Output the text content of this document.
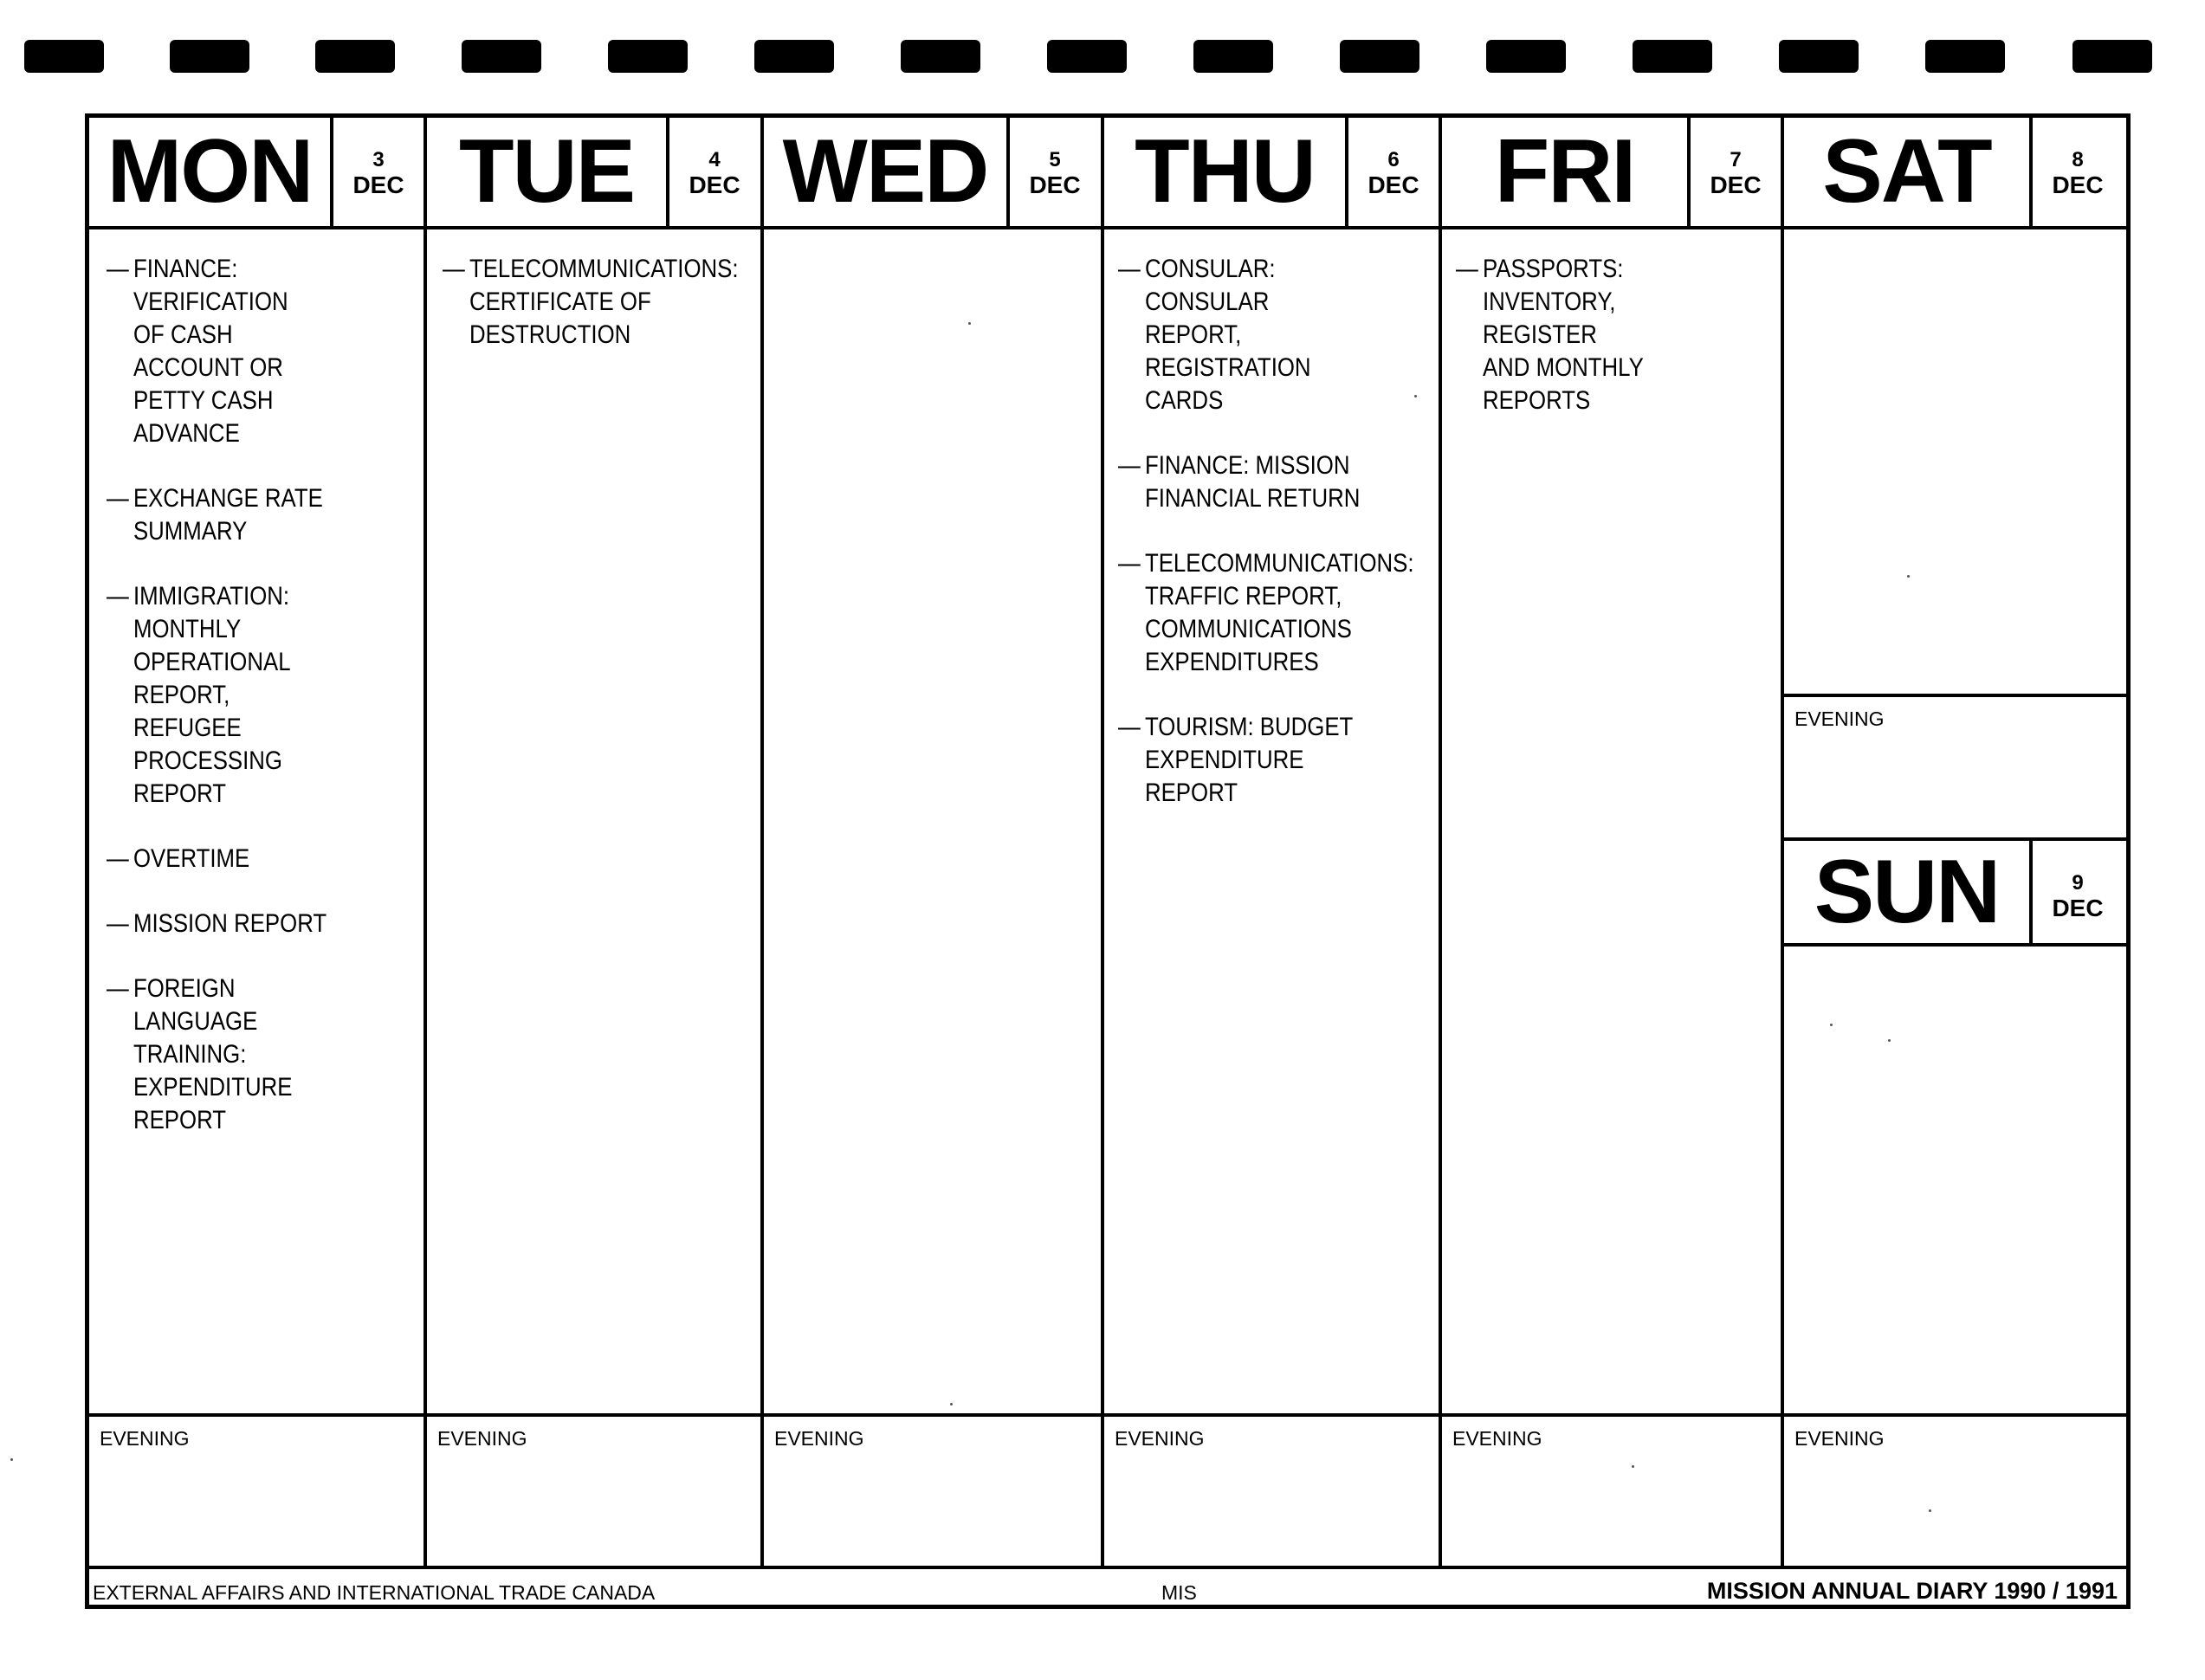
MON	3
DEC
— FINANCE: VERIFICATION
OF CASH ACCOUNT OR
PETTY CASH ADVANCE
— EXCHANGE RATE
SUMMARY
— IMMIGRATION: MONTHLY
OPERATIONAL REPORT,
REFUGEE PROCESSING
REPORT
— OVERTIME
— MISSION REPORT
— FOREIGN LANGUAGE
TRAINING: EXPENDITURE
REPORT
EVENING
TUE	4
DEC
— TELECOMMUNICATIONS:
CERTIFICATE OF
DESTRUCTION
EVENING
WED	5
DEC
EVENING
THU	6
DEC
— CONSULAR:
CONSULAR REPORT,
REGISTRATION CARDS
— FINANCE: MISSION
FINANCIAL RETURN
— TELECOMMUNICATIONS:
TRAFFIC REPORT,
COMMUNICATIONS
EXPENDITURES
— TOURISM: BUDGET
EXPENDITURE REPORT
EVENING
FRI	7
DEC
— PASSPORTS:
INVENTORY, REGISTER
AND MONTHLY REPORTS
EVENING
SAT	8
DEC
EVENING
SUN	9
DEC
EVENING
EXTERNAL AFFAIRS AND INTERNATIONAL TRADE CANADA	MIS	MISSION ANNUAL DIARY 1990 / 1991
